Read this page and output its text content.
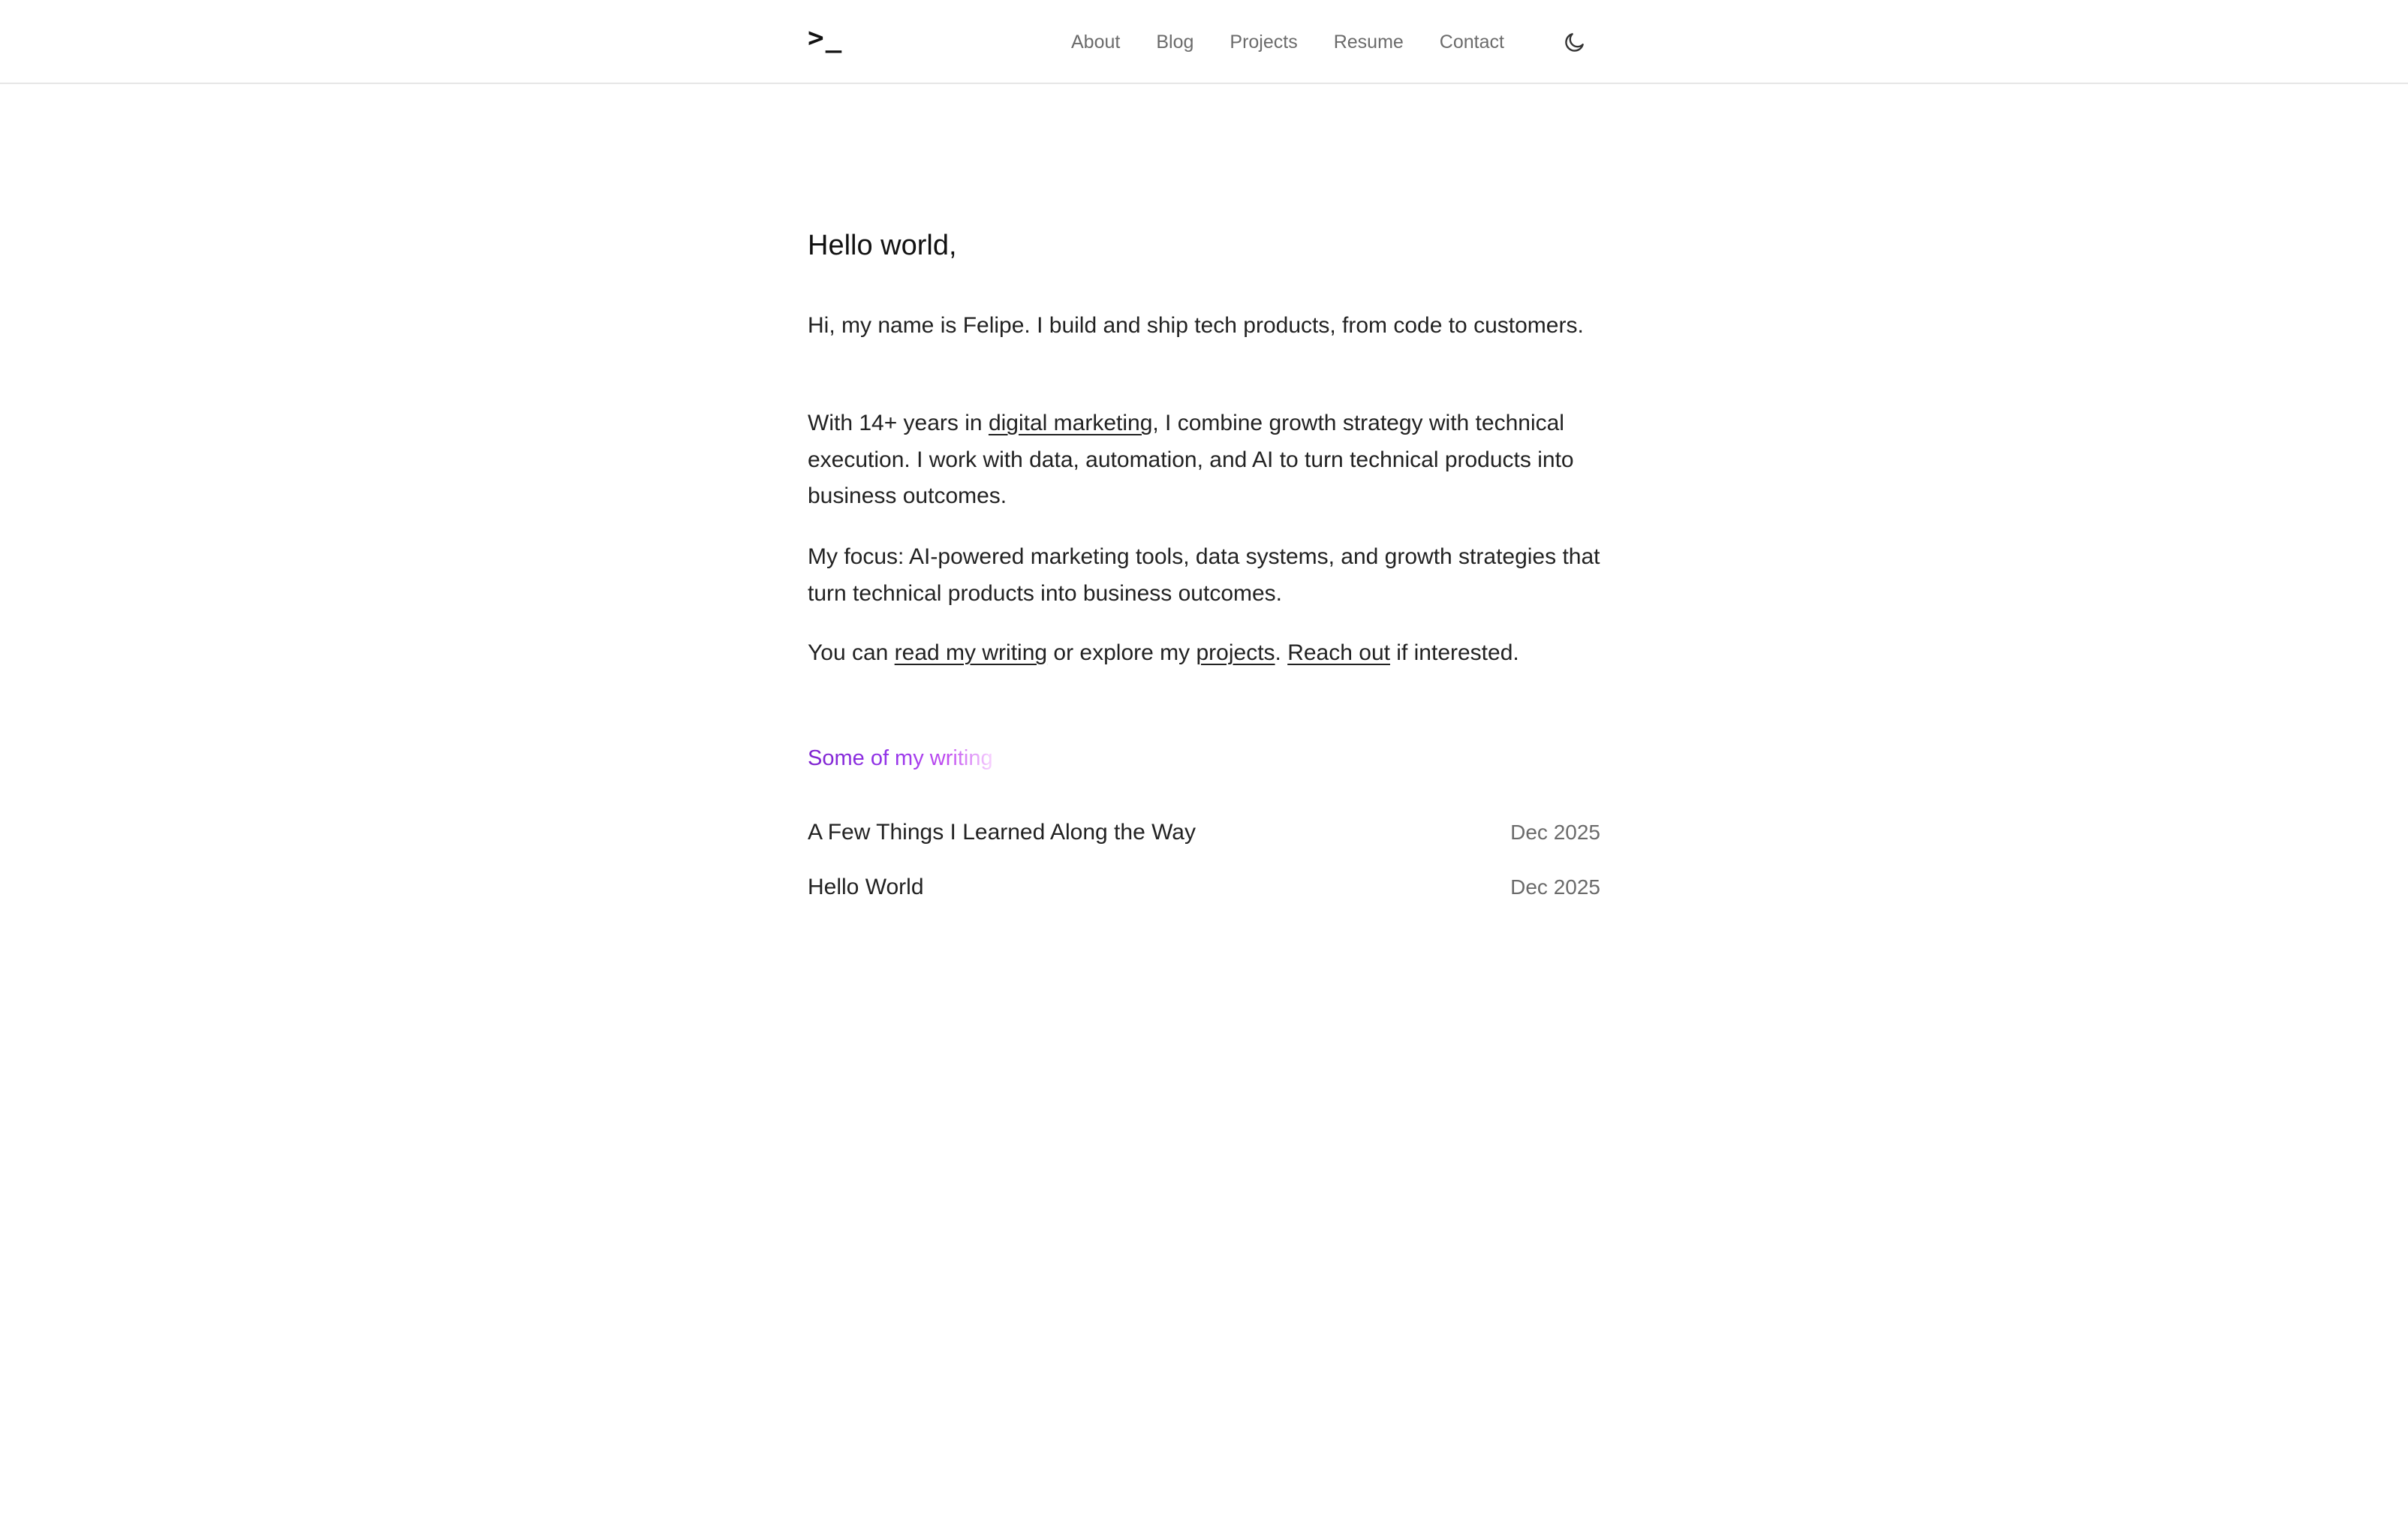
>_	About Blog Projects Resume Contact
Hello world,

Hi, my name is Felipe. I build and ship tech products, from code to customers.

With 14+ years in digital marketing, I combine growth strategy with technical execution. I work with data, automation, and AI to turn technical products into business outcomes.

My focus: AI-powered marketing tools, data systems, and growth strategies that turn technical products into business outcomes.

You can read my writing or explore my projects. Reach out if interested.

Some of my writing
A Few Things I Learned Along the Way	Dec 2025
Hello World	Dec 2025
